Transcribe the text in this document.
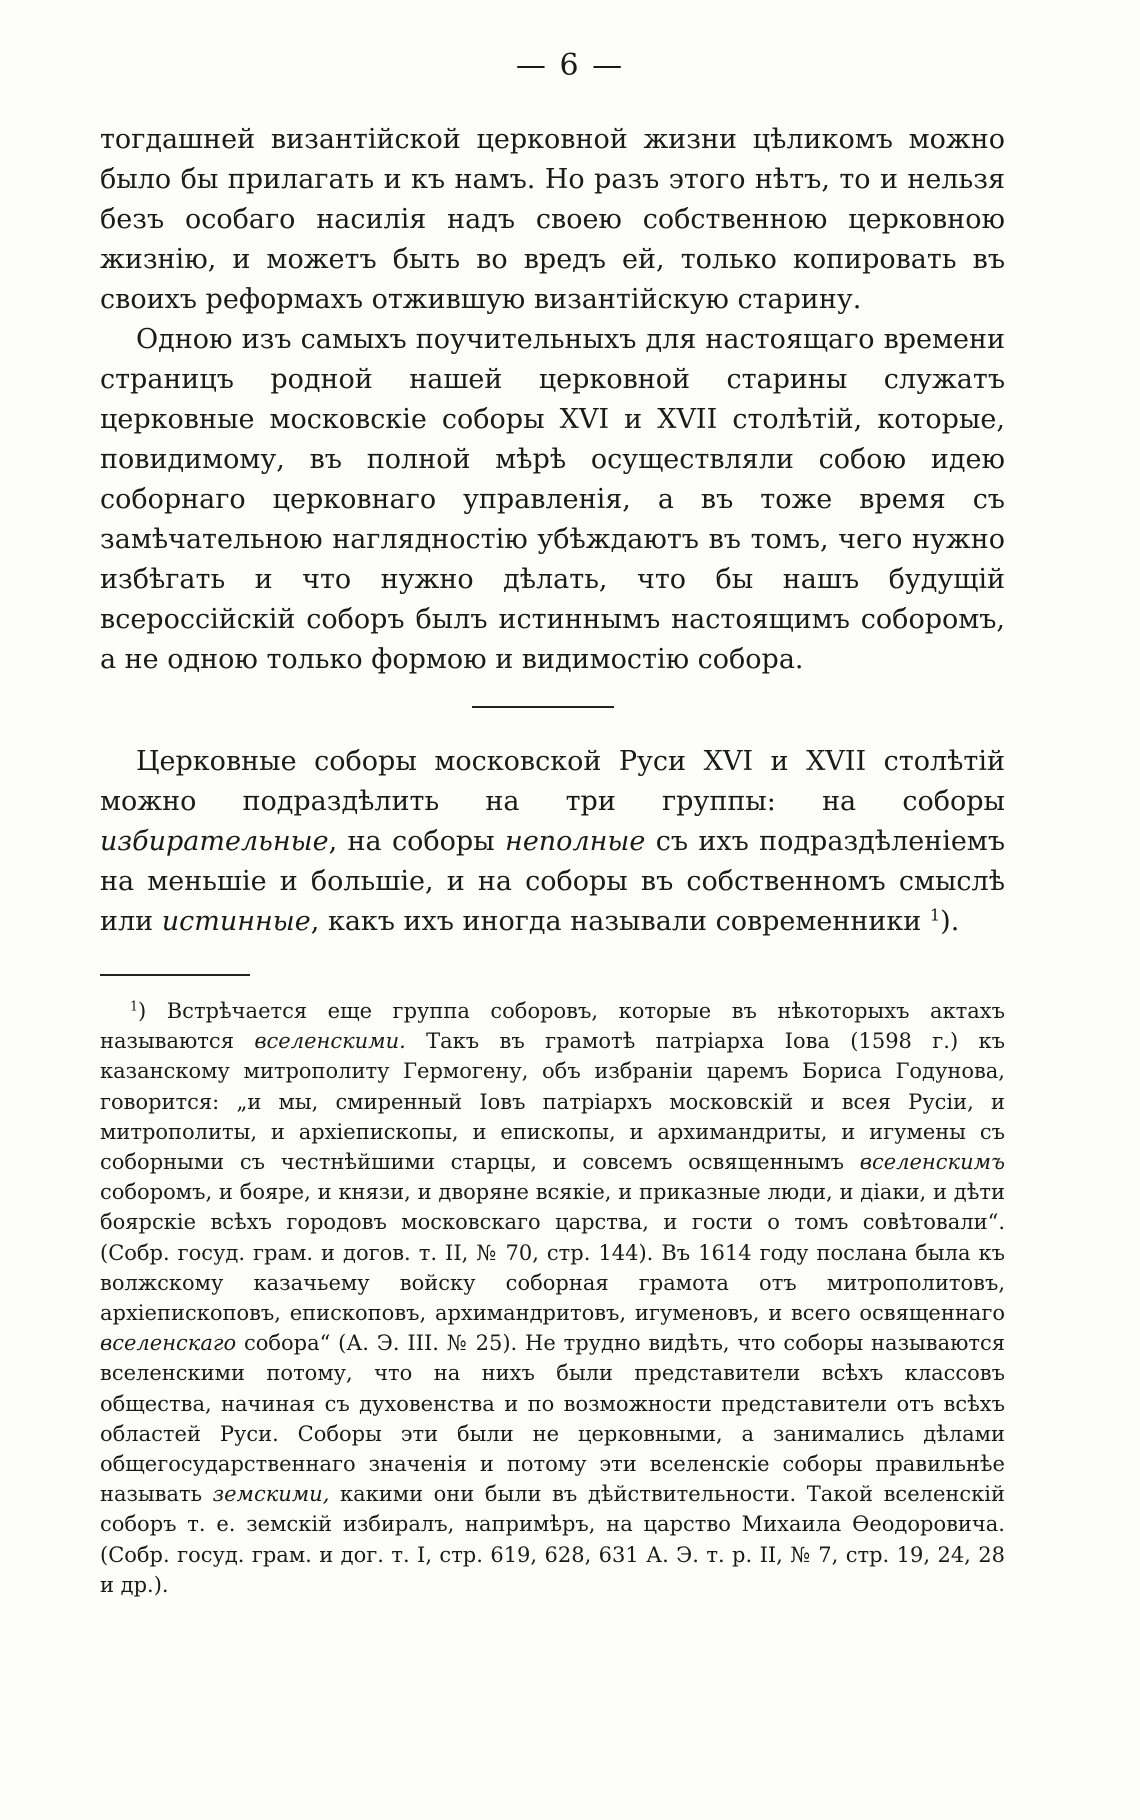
— 6 —

тогдашней византiйской церковной жизни цѣликомъ можно было бы прилагать и къ намъ. Но разъ этого нѣтъ, то и нельзя безъ особаго насилiя надъ своею собственною церковною жизнiю, и можетъ быть во вредъ ей, только копировать въ своихъ реформахъ отжившую византiйскую старину.

Одною изъ самыхъ поучительныхъ для настоящаго времени страницъ родной нашей церковной старины служатъ церковные московскiе соборы XVI и XVII столѣтiй, которые, повидимому, въ полной мѣрѣ осуществляли собою идею соборнаго церковнаго управленiя, а въ тоже время съ замѣчательною наглядностiю убѣждаютъ въ томъ, чего нужно избѣгать и что нужно дѣлать, что бы нашъ будущiй всероссiйскiй соборъ былъ истиннымъ настоящимъ соборомъ, а не одною только формою и видимостiю собора.

Церковные соборы московской Руси XVI и XVII столѣтiй можно подраздѣлить на три группы: на соборы избирательные, на соборы неполные съ ихъ подраздѣленiемъ на меньшiе и большiе, и на соборы въ собственномъ смыслѣ или истинные, какъ ихъ иногда называли современники $^1$).

$^1$) Встрѣчается еще группа соборовъ, которые въ нѣкоторыхъ актахъ называются вселенскими. Такъ въ грамотѣ патрiарха Iова (1598 г.) къ казанскому митрополиту Гермогену, объ избранiи царемъ Бориса Годунова, говорится: „и мы, смиренный Iовъ патрiархъ московскiй и всея Русiи, и митрополиты, и архiепископы, и епископы, и архимандриты, и игумены съ соборными съ честнѣйшими старцы, и совсемъ освященнымъ вселенскимъ соборомъ, и бояре, и князи, и дворяне всякiе, и приказные люди, и дiаки, и дѣти боярскiе всѣхъ городовъ московскаго царства, и гости о томъ совѣтовали“. (Собр. госуд. грам. и догов. т. II, № 70, стр. 144). Въ 1614 году послана была къ волжскому казачьему войску соборная грамота отъ митрополитовъ, архiепископовъ, епископовъ, архимандритовъ, игуменовъ, и всего освященнаго вселенскаго собора“ (А. Э. III. № 25). Не трудно видѣть, что соборы называются вселенскими потому, что на нихъ были представители всѣхъ классовъ общества, начиная съ духовенства и по возможности представители отъ всѣхъ областей Руси. Соборы эти были не церковными, а занимались дѣлами общегосударственнаго значенiя и потому эти вселенскiе соборы правильнѣе называть земскими, какими они были въ дѣйствительности. Такой вселенскiй соборъ т. е. земскiй избиралъ, напримѣръ, на царство Михаила Ѳеодоровича. (Собр. госуд. грам. и дог. т. I, стр. 619, 628, 631 А. Э. т. р. II, № 7, стр. 19, 24, 28 и др.).
